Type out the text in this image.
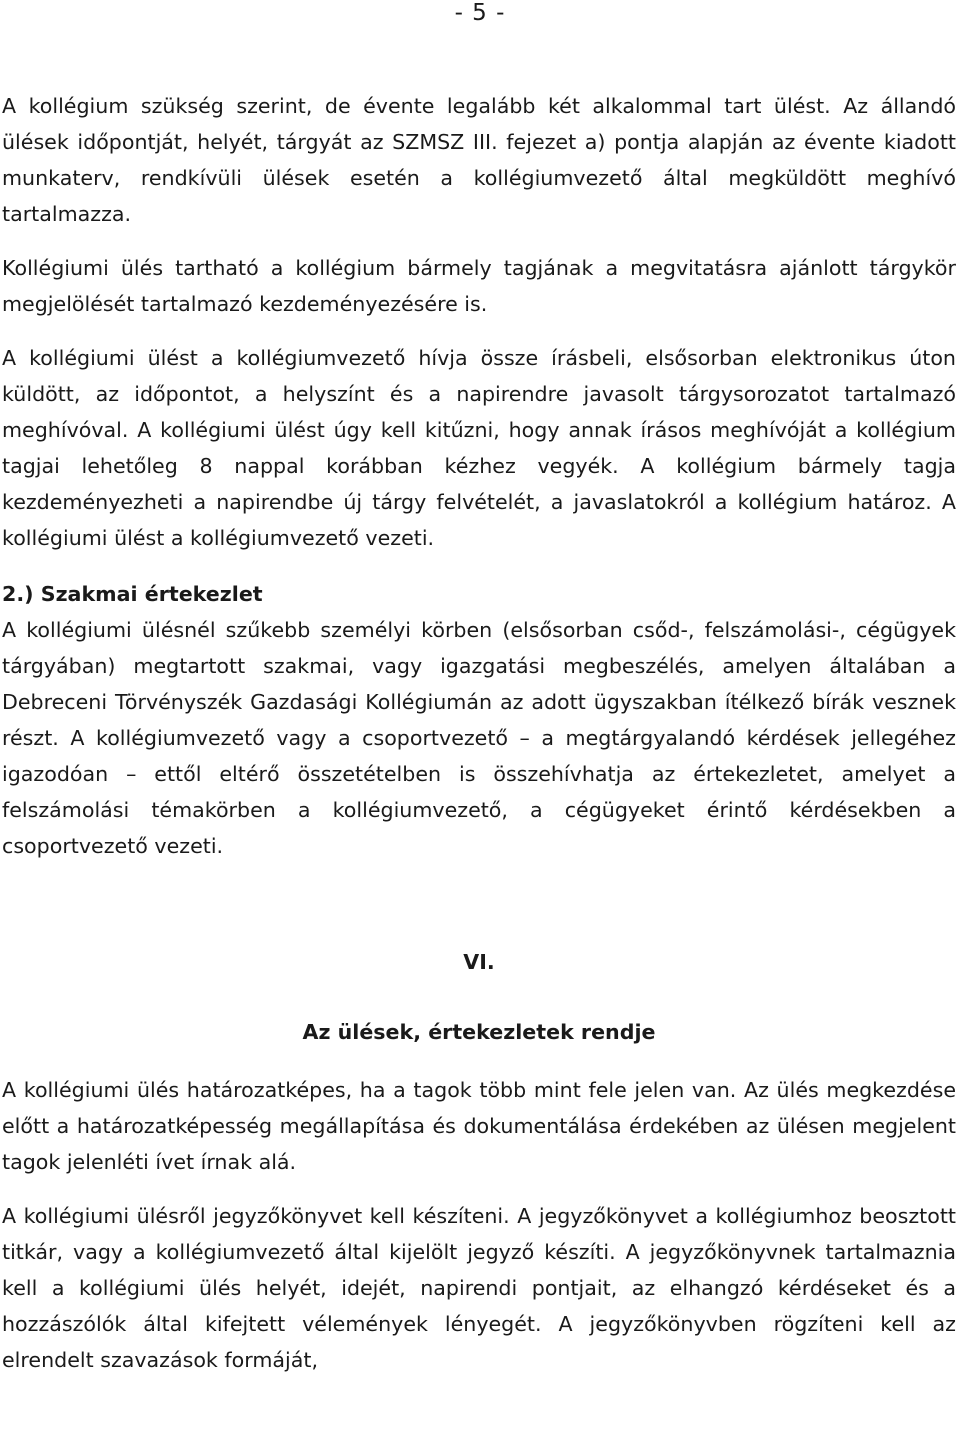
- 5 -

A kollégium szükség szerint, de évente legalább két alkalommal tart ülést. Az állandó ülések időpontját, helyét, tárgyát az SZMSZ III. fejezet a) pontja alapján az évente kiadott munkaterv, rendkívüli ülések esetén a kollégiumvezető által megküldött meghívó tartalmazza.

Kollégiumi ülés tartható a kollégium bármely tagjának a megvitatásra ajánlott tárgykör megjelölését tartalmazó kezdeményezésére is.

A kollégiumi ülést a kollégiumvezető hívja össze írásbeli, elsősorban elektronikus úton küldött, az időpontot, a helyszínt és a napirendre javasolt tárgysorozatot tartalmazó meghívóval. A kollégiumi ülést úgy kell kitűzni, hogy annak írásos meghívóját a kollégium tagjai lehetőleg 8 nappal korábban kézhez vegyék. A kollégium bármely tagja kezdeményezheti a napirendbe új tárgy felvételét, a javaslatokról a kollégium határoz. A kollégiumi ülést a kollégiumvezető vezeti.

2.) Szakmai értekezlet

A kollégiumi ülésnél szűkebb személyi körben (elsősorban csőd-, felszámolási-, cégügyek tárgyában) megtartott szakmai, vagy igazgatási megbeszélés, amelyen általában a Debreceni Törvényszék Gazdasági Kollégiumán az adott ügyszakban ítélkező bírák vesznek részt. A kollégiumvezető vagy a csoportvezető – a megtárgyalandó kérdések jellegéhez igazodóan – ettől eltérő összetételben is összehívhatja az értekezletet, amelyet a felszámolási témakörben a kollégiumvezető, a cégügyeket érintő kérdésekben a csoportvezető vezeti.

VI.
Az ülések, értekezletek rendje

A kollégiumi ülés határozatképes, ha a tagok több mint fele jelen van. Az ülés megkezdése előtt a határozatképesség megállapítása és dokumentálása érdekében az ülésen megjelent tagok jelenléti ívet írnak alá.

A kollégiumi ülésről jegyzőkönyvet kell készíteni. A jegyzőkönyvet a kollégiumhoz beosztott titkár, vagy a kollégiumvezető által kijelölt jegyző készíti. A jegyzőkönyvnek tartalmaznia kell a kollégiumi ülés helyét, idejét, napirendi pontjait, az elhangzó kérdéseket és a hozzászólók által kifejtett vélemények lényegét. A jegyzőkönyvben rögzíteni kell az elrendelt szavazások formáját,
